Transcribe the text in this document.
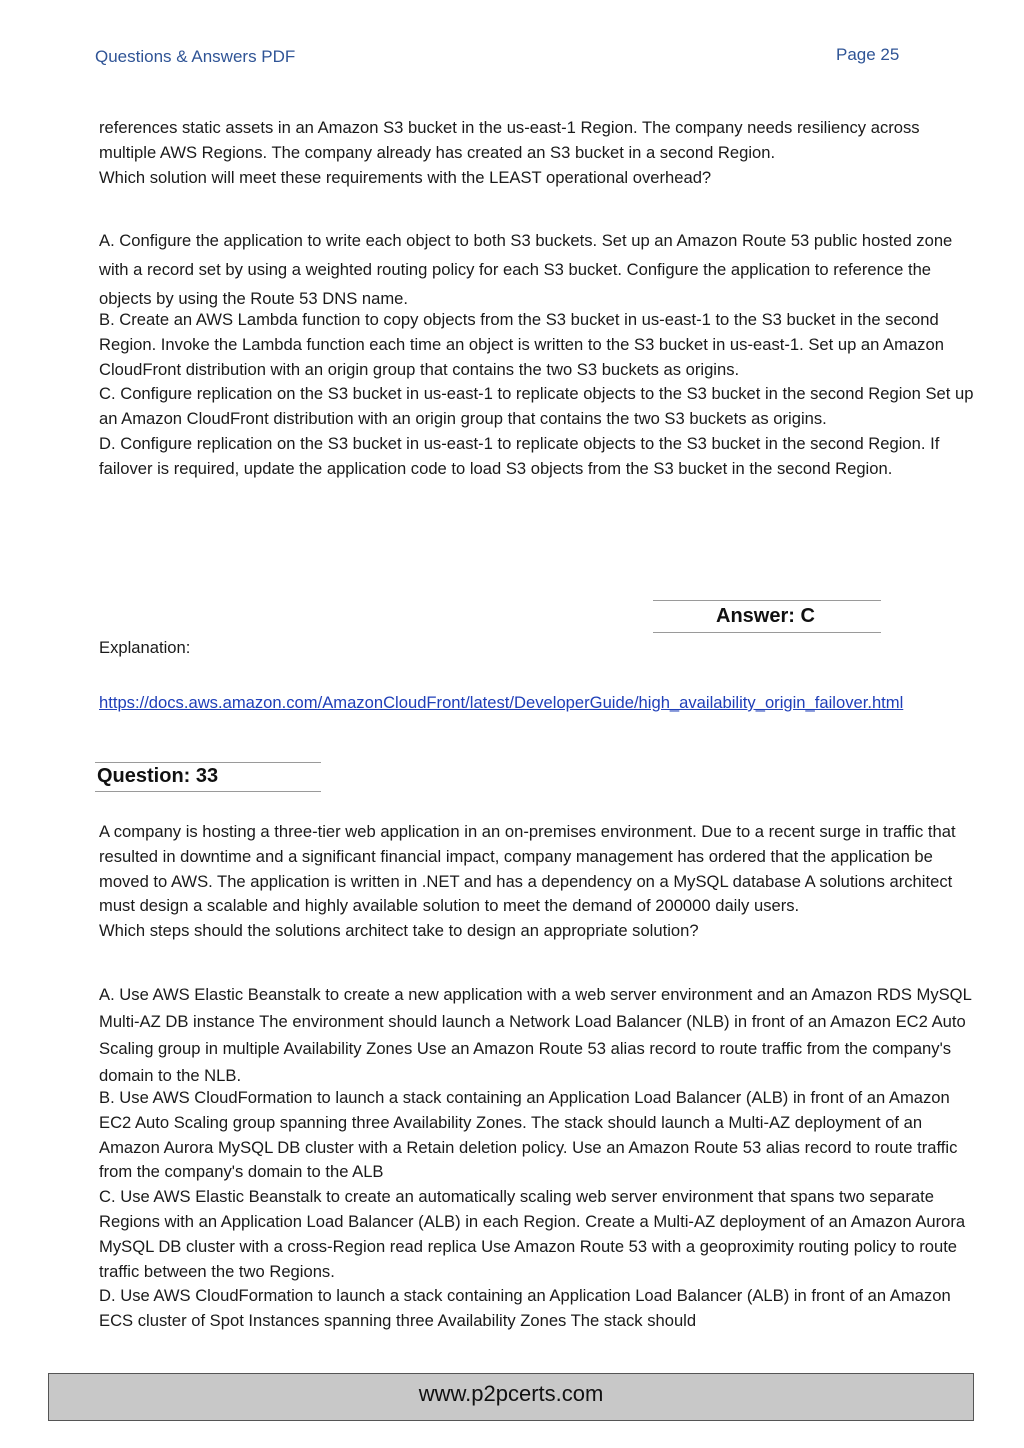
Questions & Answers PDF	Page 25

references static assets in an Amazon S3 bucket in the us-east-1 Region. The company needs resiliency across multiple AWS Regions. The company already has created an S3 bucket in a second Region.

Which solution will meet these requirements with the LEAST operational overhead?

A. Configure the application to write each object to both S3 buckets. Set up an Amazon Route 53 public hosted zone with a record set by using a weighted routing policy for each S3 bucket. Configure the application to reference the objects by using the Route 53 DNS name.

B. Create an AWS Lambda function to copy objects from the S3 bucket in us-east-1 to the S3 bucket in the second Region. Invoke the Lambda function each time an object is written to the S3 bucket in us-east-1. Set up an Amazon CloudFront distribution with an origin group that contains the two S3 buckets as origins.

C. Configure replication on the S3 bucket in us-east-1 to replicate objects to the S3 bucket in the second Region Set up an Amazon CloudFront distribution with an origin group that contains the two S3 buckets as origins.

D. Configure replication on the S3 bucket in us-east-1 to replicate objects to the S3 bucket in the second Region. If failover is required, update the application code to load S3 objects from the S3 bucket in the second Region.

Answer: C
Explanation:
https://docs.aws.amazon.com/AmazonCloudFront/latest/DeveloperGuide/high_availability_origin_failover.html
Question: 33

A company is hosting a three-tier web application in an on-premises environment. Due to a recent surge in traffic that resulted in downtime and a significant financial impact, company management has ordered that the application be moved to AWS. The application is written in .NET and has a dependency on a MySQL database A solutions architect must design a scalable and highly available solution to meet the demand of 200000 daily users.

Which steps should the solutions architect take to design an appropriate solution?

A. Use AWS Elastic Beanstalk to create a new application with a web server environment and an Amazon RDS MySQL Multi-AZ DB instance The environment should launch a Network Load Balancer (NLB) in front of an Amazon EC2 Auto Scaling group in multiple Availability Zones Use an Amazon Route 53 alias record to route traffic from the company's domain to the NLB.

B. Use AWS CloudFormation to launch a stack containing an Application Load Balancer (ALB) in front of an Amazon EC2 Auto Scaling group spanning three Availability Zones. The stack should launch a Multi-AZ deployment of an Amazon Aurora MySQL DB cluster with a Retain deletion policy. Use an Amazon Route 53 alias record to route traffic from the company's domain to the ALB

C. Use AWS Elastic Beanstalk to create an automatically scaling web server environment that spans two separate Regions with an Application Load Balancer (ALB) in each Region. Create a Multi-AZ deployment of an Amazon Aurora MySQL DB cluster with a cross-Region read replica Use Amazon Route 53 with a geoproximity routing policy to route traffic between the two Regions.

D. Use AWS CloudFormation to launch a stack containing an Application Load Balancer (ALB) in front of an Amazon ECS cluster of Spot Instances spanning three Availability Zones The stack should

www.p2pcerts.com
